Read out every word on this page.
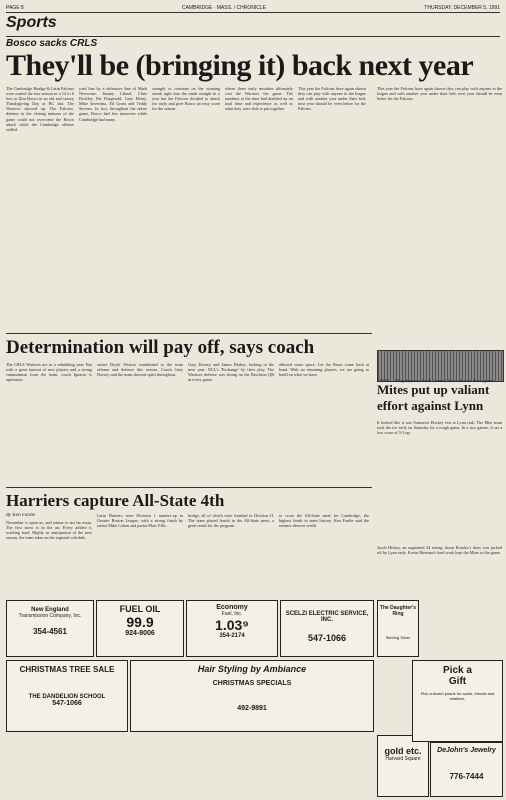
PAGE 8	CAMBRIDGE · MASS. / CHRONICLE	THURSDAY, DECEMBER 5, 1991
Sports
Bosco sacks CRLS
They'll be (bringing it) back next year
The Cambridge Rindge & Latin Falcons were ousted the two season in a 14 to 6 loss to Don Bosco in an old and snowy Thanksgiving Day at BC last. The Warriors showed up. The Falcons, defense in the closing minutes of the game could not overcome the Bosco attack while the Cambridge offense stalled.
yard line by a defensive line of Mark Newsome, Jimmy Cabral, Chris Beckley, Pat Fitzgerald, Gary Henry, Mike Saverinia, Ed Grant and Teddy Stevens. In fact, throughout the entire game, Bosco had few turnovers while Cambridge had many.
strength to continue on the winning streak right into the ninth straight in a year but the Falcons decided to attack too early and give Bosco an easy score for the season.
where three early mistakes ultimately cost the Warriors the game. The numbers at the time had doubled up on total time and experience as well as what they were able to put together.
This year the Falcons have again shown they can play with anyone in the league and with another year under their belt, next year should be even better for the Falcons.
This year the Falcons have again shown they can play with anyone in the league and with another year under their belt, next year should be even better for the Falcons.
Determination will pay off, says coach
The CRLS Warriors are in a rebuilding year. But with a great turnout of new players and a strong commitment from the team, coach Ignacio is optimistic.
senior Doyle Weston contributed to the team offense and defense this season. Coach Gary Dorsey said the team showed spirit throughout.
Gary Dorsey, and James Blakey, looking to the next year. NCL's 'Exchange' by their play. The Warriors defense was strong on the Brockton QB in every game.
allowed some space. Let the Bears come back at hand. With no returning players, we are going to build on what we have.
LEWIS — Doug Seymour, Sue K. (center), first hold at the Bosco game.
Harriers capture All-State 4th
By Ken Fardie
November is upon us, and winter is not far away. The first snow is in the air. Every athlete is working hard. Highly in anticipation of the new season, the team takes on the regional schedule.
Latin Harriers were Division 1 runners-up in Greater Boston League, with a strong finish by senior Mike Cohen and junior Marc Ellis.
bridge, all of which were finished in Division II. The team placed fourth in the All-State meet, a great result for the program.
to score the All-State meet for Cambridge, the highest finish in team history. Ken Fardie said the runners deserve credit.
Mites put up valiant effort against Lynn
It looked like it was Somerset Hockey fest at Lynn rink. The Mite team took the ice early on Saturday for a tough game. In a two games, it set a low score of 5-3 up.
Jacob Hickey, an organized 24 strong. Jason Bondoc's draw was picked off by Lynn early. Kevin Bierman's hard work kept the Mites in the game.
New England
Transmission Company, Inc.
354-4561
FUEL OIL
99.9
924-8006
Economy
Fuel, Inc.
1.03⁹
354-2174
SCELZI ELECTRIC SERVICE, INC.
547-1066
CHRISTMAS TREE SALE
THE DANDELION SCHOOL
547-1066
Hair Styling by Ambiance
CHRISTMAS SPECIALS
492-9891
The Daughter's Ring
Sterling Silver
gold etc.
Harvard Square
DeJohn's Jewelry
776-7444
Pick a
Gift
Pick cultured pearls for aunts, friends and relatives.
